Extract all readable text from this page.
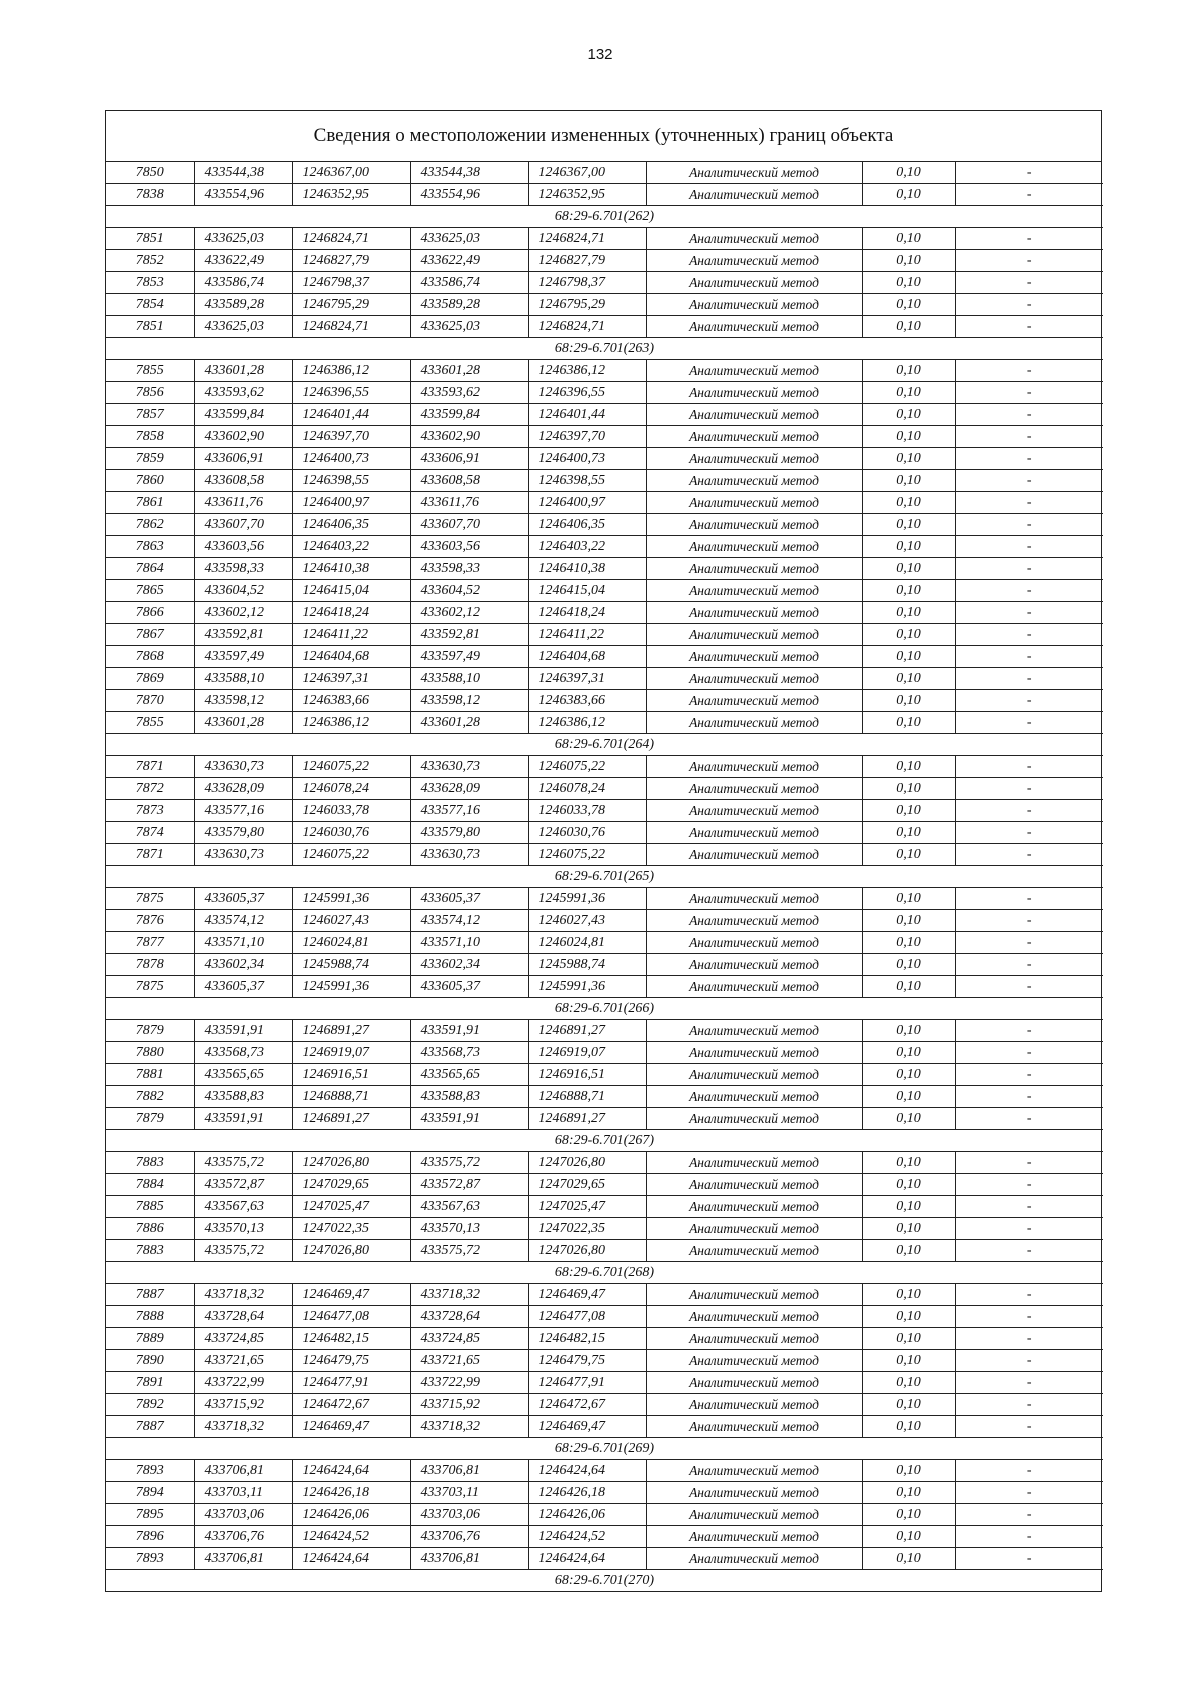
132
Сведения о местоположении измененных (уточненных) границ объекта
7850	433544,38	1246367,00	433544,38	1246367,00	Аналитический метод	0,10	-
7838	433554,96	1246352,95	433554,96	1246352,95	Аналитический метод	0,10	-
68:29-6.701(262)							
7851	433625,03	1246824,71	433625,03	1246824,71	Аналитический метод	0,10	-
7852	433622,49	1246827,79	433622,49	1246827,79	Аналитический метод	0,10	-
7853	433586,74	1246798,37	433586,74	1246798,37	Аналитический метод	0,10	-
7854	433589,28	1246795,29	433589,28	1246795,29	Аналитический метод	0,10	-
7851	433625,03	1246824,71	433625,03	1246824,71	Аналитический метод	0,10	-
68:29-6.701(263)							
7855	433601,28	1246386,12	433601,28	1246386,12	Аналитический метод	0,10	-
7856	433593,62	1246396,55	433593,62	1246396,55	Аналитический метод	0,10	-
7857	433599,84	1246401,44	433599,84	1246401,44	Аналитический метод	0,10	-
7858	433602,90	1246397,70	433602,90	1246397,70	Аналитический метод	0,10	-
7859	433606,91	1246400,73	433606,91	1246400,73	Аналитический метод	0,10	-
7860	433608,58	1246398,55	433608,58	1246398,55	Аналитический метод	0,10	-
7861	433611,76	1246400,97	433611,76	1246400,97	Аналитический метод	0,10	-
7862	433607,70	1246406,35	433607,70	1246406,35	Аналитический метод	0,10	-
7863	433603,56	1246403,22	433603,56	1246403,22	Аналитический метод	0,10	-
7864	433598,33	1246410,38	433598,33	1246410,38	Аналитический метод	0,10	-
7865	433604,52	1246415,04	433604,52	1246415,04	Аналитический метод	0,10	-
7866	433602,12	1246418,24	433602,12	1246418,24	Аналитический метод	0,10	-
7867	433592,81	1246411,22	433592,81	1246411,22	Аналитический метод	0,10	-
7868	433597,49	1246404,68	433597,49	1246404,68	Аналитический метод	0,10	-
7869	433588,10	1246397,31	433588,10	1246397,31	Аналитический метод	0,10	-
7870	433598,12	1246383,66	433598,12	1246383,66	Аналитический метод	0,10	-
7855	433601,28	1246386,12	433601,28	1246386,12	Аналитический метод	0,10	-
68:29-6.701(264)							
7871	433630,73	1246075,22	433630,73	1246075,22	Аналитический метод	0,10	-
7872	433628,09	1246078,24	433628,09	1246078,24	Аналитический метод	0,10	-
7873	433577,16	1246033,78	433577,16	1246033,78	Аналитический метод	0,10	-
7874	433579,80	1246030,76	433579,80	1246030,76	Аналитический метод	0,10	-
7871	433630,73	1246075,22	433630,73	1246075,22	Аналитический метод	0,10	-
68:29-6.701(265)							
7875	433605,37	1245991,36	433605,37	1245991,36	Аналитический метод	0,10	-
7876	433574,12	1246027,43	433574,12	1246027,43	Аналитический метод	0,10	-
7877	433571,10	1246024,81	433571,10	1246024,81	Аналитический метод	0,10	-
7878	433602,34	1245988,74	433602,34	1245988,74	Аналитический метод	0,10	-
7875	433605,37	1245991,36	433605,37	1245991,36	Аналитический метод	0,10	-
68:29-6.701(266)							
7879	433591,91	1246891,27	433591,91	1246891,27	Аналитический метод	0,10	-
7880	433568,73	1246919,07	433568,73	1246919,07	Аналитический метод	0,10	-
7881	433565,65	1246916,51	433565,65	1246916,51	Аналитический метод	0,10	-
7882	433588,83	1246888,71	433588,83	1246888,71	Аналитический метод	0,10	-
7879	433591,91	1246891,27	433591,91	1246891,27	Аналитический метод	0,10	-
68:29-6.701(267)							
7883	433575,72	1247026,80	433575,72	1247026,80	Аналитический метод	0,10	-
7884	433572,87	1247029,65	433572,87	1247029,65	Аналитический метод	0,10	-
7885	433567,63	1247025,47	433567,63	1247025,47	Аналитический метод	0,10	-
7886	433570,13	1247022,35	433570,13	1247022,35	Аналитический метод	0,10	-
7883	433575,72	1247026,80	433575,72	1247026,80	Аналитический метод	0,10	-
68:29-6.701(268)							
7887	433718,32	1246469,47	433718,32	1246469,47	Аналитический метод	0,10	-
7888	433728,64	1246477,08	433728,64	1246477,08	Аналитический метод	0,10	-
7889	433724,85	1246482,15	433724,85	1246482,15	Аналитический метод	0,10	-
7890	433721,65	1246479,75	433721,65	1246479,75	Аналитический метод	0,10	-
7891	433722,99	1246477,91	433722,99	1246477,91	Аналитический метод	0,10	-
7892	433715,92	1246472,67	433715,92	1246472,67	Аналитический метод	0,10	-
7887	433718,32	1246469,47	433718,32	1246469,47	Аналитический метод	0,10	-
68:29-6.701(269)							
7893	433706,81	1246424,64	433706,81	1246424,64	Аналитический метод	0,10	-
7894	433703,11	1246426,18	433703,11	1246426,18	Аналитический метод	0,10	-
7895	433703,06	1246426,06	433703,06	1246426,06	Аналитический метод	0,10	-
7896	433706,76	1246424,52	433706,76	1246424,52	Аналитический метод	0,10	-
7893	433706,81	1246424,64	433706,81	1246424,64	Аналитический метод	0,10	-
68:29-6.701(270)							
